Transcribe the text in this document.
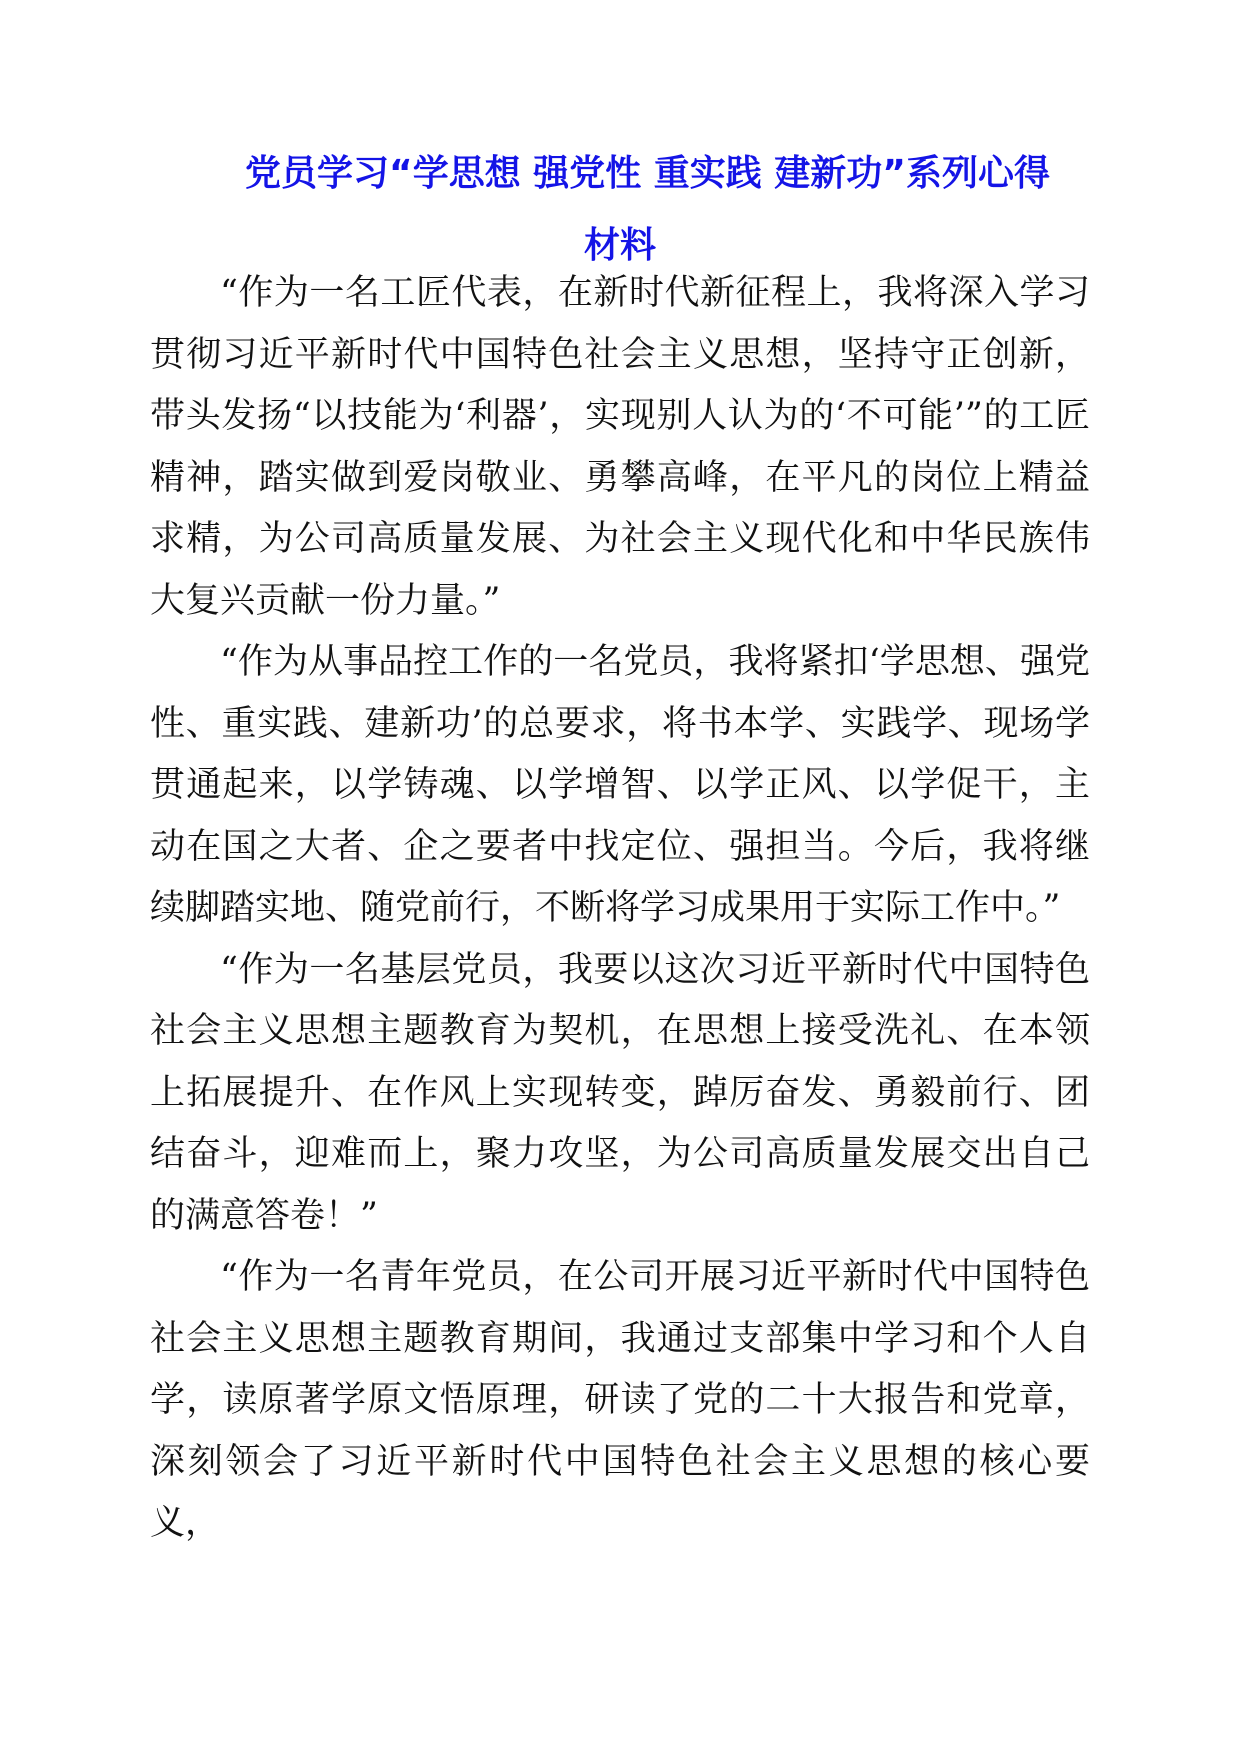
党员学习“学思想 强党性 重实践 建新功”系列心得
材料

“作为一名工匠代表，在新时代新征程上，我将深入学习贯彻习近平新时代中国特色社会主义思想，坚持守正创新，带头发扬“以技能为‘利器’，实现别人认为的‘不可能’”的工匠精神，踏实做到爱岗敬业、勇攀高峰，在平凡的岗位上精益求精，为公司高质量发展、为社会主义现代化和中华民族伟大复兴贡献一份力量。”

“作为从事品控工作的一名党员，我将紧扣‘学思想、强党性、重实践、建新功’的总要求，将书本学、实践学、现场学贯通起来，以学铸魂、以学增智、以学正风、以学促干，主动在国之大者、企之要者中找定位、强担当。今后，我将继续脚踏实地、随党前行，不断将学习成果用于实际工作中。”

“作为一名基层党员，我要以这次习近平新时代中国特色社会主义思想主题教育为契机，在思想上接受洗礼、在本领上拓展提升、在作风上实现转变，踔厉奋发、勇毅前行、团结奋斗，迎难而上，聚力攻坚，为公司高质量发展交出自己的满意答卷！”

“作为一名青年党员，在公司开展习近平新时代中国特色社会主义思想主题教育期间，我通过支部集中学习和个人自学，读原著学原文悟原理，研读了党的二十大报告和党章，深刻领会了习近平新时代中国特色社会主义思想的核心要义，
